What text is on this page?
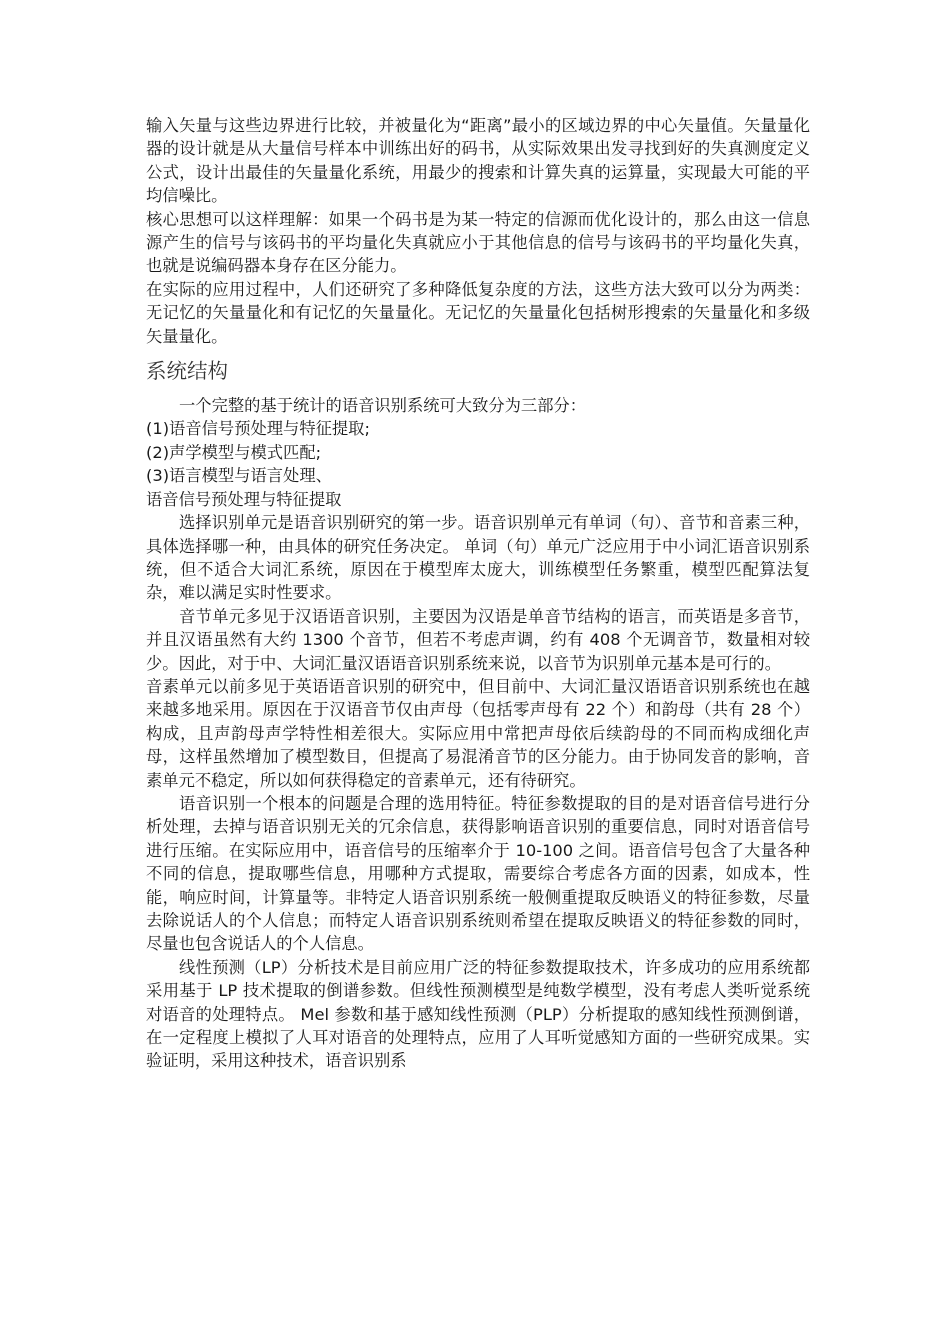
输入矢量与这些边界进行比较，并被量化为“距离”最小的区域边界的中心矢量值。矢量量化器的设计就是从大量信号样本中训练出好的码书，从实际效果出发寻找到好的失真测度定义公式，设计出最佳的矢量量化系统，用最少的搜索和计算失真的运算量，实现最大可能的平均信噪比。

核心思想可以这样理解：如果一个码书是为某一特定的信源而优化设计的，那么由这一信息源产生的信号与该码书的平均量化失真就应小于其他信息的信号与该码书的平均量化失真，也就是说编码器本身存在区分能力。

在实际的应用过程中，人们还研究了多种降低复杂度的方法，这些方法大致可以分为两类：无记忆的矢量量化和有记忆的矢量量化。无记忆的矢量量化包括树形搜索的矢量量化和多级矢量量化。

系统结构

一个完整的基于统计的语音识别系统可大致分为三部分：

(1)语音信号预处理与特征提取;

(2)声学模型与模式匹配;

(3)语言模型与语言处理、

语音信号预处理与特征提取

选择识别单元是语音识别研究的第一步。语音识别单元有单词（句）、音节和音素三种，具体选择哪一种，由具体的研究任务决定。 单词（句）单元广泛应用于中小词汇语音识别系统，但不适合大词汇系统，原因在于模型库太庞大，训练模型任务繁重，模型匹配算法复杂，难以满足实时性要求。

音节单元多见于汉语语音识别，主要因为汉语是单音节结构的语言，而英语是多音节，并且汉语虽然有大约 1300 个音节，但若不考虑声调，约有 408 个无调音节，数量相对较少。因此，对于中、大词汇量汉语语音识别系统来说，以音节为识别单元基本是可行的。

音素单元以前多见于英语语音识别的研究中，但目前中、大词汇量汉语语音识别系统也在越来越多地采用。原因在于汉语音节仅由声母（包括零声母有 22 个）和韵母（共有 28 个）构成，且声韵母声学特性相差很大。实际应用中常把声母依后续韵母的不同而构成细化声母，这样虽然增加了模型数目，但提高了易混淆音节的区分能力。由于协同发音的影响，音素单元不稳定，所以如何获得稳定的音素单元，还有待研究。

语音识别一个根本的问题是合理的选用特征。特征参数提取的目的是对语音信号进行分析处理，去掉与语音识别无关的冗余信息，获得影响语音识别的重要信息，同时对语音信号进行压缩。在实际应用中，语音信号的压缩率介于 10-100 之间。语音信号包含了大量各种不同的信息，提取哪些信息，用哪种方式提取，需要综合考虑各方面的因素，如成本，性能，响应时间，计算量等。非特定人语音识别系统一般侧重提取反映语义的特征参数，尽量去除说话人的个人信息；而特定人语音识别系统则希望在提取反映语义的特征参数的同时，尽量也包含说话人的个人信息。

线性预测（LP）分析技术是目前应用广泛的特征参数提取技术，许多成功的应用系统都采用基于 LP 技术提取的倒谱参数。但线性预测模型是纯数学模型，没有考虑人类听觉系统对语音的处理特点。 Mel 参数和基于感知线性预测（PLP）分析提取的感知线性预测倒谱，在一定程度上模拟了人耳对语音的处理特点，应用了人耳听觉感知方面的一些研究成果。实验证明，采用这种技术，语音识别系
